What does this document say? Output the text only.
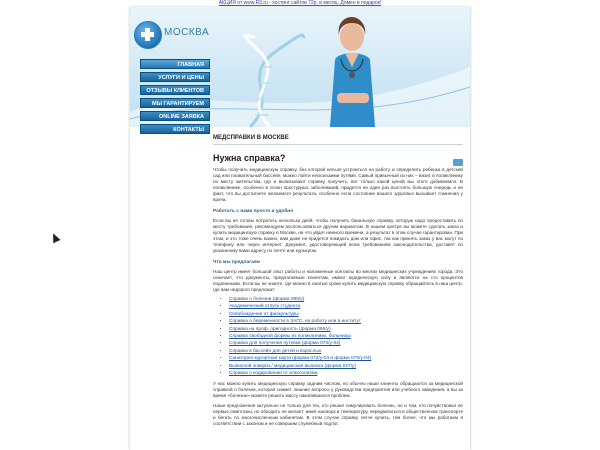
АКЦИЯ от www.R3.ru - хостинг сайтов 72р. в месяц. Домен в подарок!
МОСКВА
ГЛАВНАЯ
УСЛУГИ И ЦЕНЫ
ОТЗЫВЫ КЛИЕНТОВ
МЫ ГАРАНТИРУЕМ
ONLINE ЗАЯВКА
КОНТАКТЫ
МЕДСПРАВКИ В МОСКВЕ
Нужна справка?
Чтобы получить медицинскую справку, без которой нельзя устроиться на работу и определить ребенка в детский сад или плавательный бассейн, можно пойти несколькими путями. Самый привычный из них – визит в поликлинику по месту жительства, где и выписывают справку получить, вот только какой ценой мы этого добиваемся. В поликлинике, особенно в сезон простудных заболеваний, придется не один раз выстоять большую очередь и не факт, что вы достигнете желаемого результата, особенно если состояние вашего здоровья вызывает сомнения у врача.
Работать с нами просто и удобно
Если вы не готовы потратить несколько дней, чтобы получить банальную справку, которую надо предоставить по месту требования, рекомендуем воспользоваться другим вариантом. В нашем центре вы можете сделать заказ и купить медицинскую справку в Москве, на что уйдет немного времени, а результат в этом случае гарантирован. При этом, и это тоже очень важно, вам даже не придется покидать дом или офис, так как принять заказ у вас могут по телефону или через интернет. Документ, удостоверяющий всем требованиям законодательства, доставят по указанному вами адресу по почте или курьером.
Что мы предлагаем
Наш центр имеет большой опыт работы и налаженные контакты во многих медицинских учреждениях города. Это означает, что документы, предлагаемые клиентам, имеют юридическую силу и являются на сто процентов подлинными. Если вы не знаете, где можно в сжатые сроки купить медицинскую справку обращайтесь в наш центр, где вам недорого предложат:
• Справка о болезни (форма 095/у)
• Академический отпуск студента
• Освобождение от физкультуры
• Справка о беременности в ЗАГС, на работу или в институт
• Справка на проф. пригодность (форма 086/у)
• Справка свободной формы из поликлиники, больницы
• Справка для получения путевки (форма 070/у-04)
• Справка в бассейн для детей и взрослых
• Санаторно-курортная карта (форма 072/у-04 и форма 076/у-04)
• Выписной эпикриз / медицинская выписка (форма 027/у)
• Справка о кодировании от алкоголизма
У нас можно купить медицинскую справку задним числом, но обычно наши клиенты обращаются за медицинской справкой о болезни, которая снимет лишние вопросы у руководства предприятия или учебного заведения, а вы за время «болезни» можете решить массу накопившихся проблем.
Наши предложения актуально не только для тех, кто решил симулировать болезнь, но и тем, кто почувствовал ее первые симптомы, но обходить не желает: имея насморк и температуру, передвигаться в общественном транспорте и бегать по многочисленным кабинетам. В этом случае справку легче купить, тем более, что мы работаем в соответствии с законом и не совершим служебный подлог.
